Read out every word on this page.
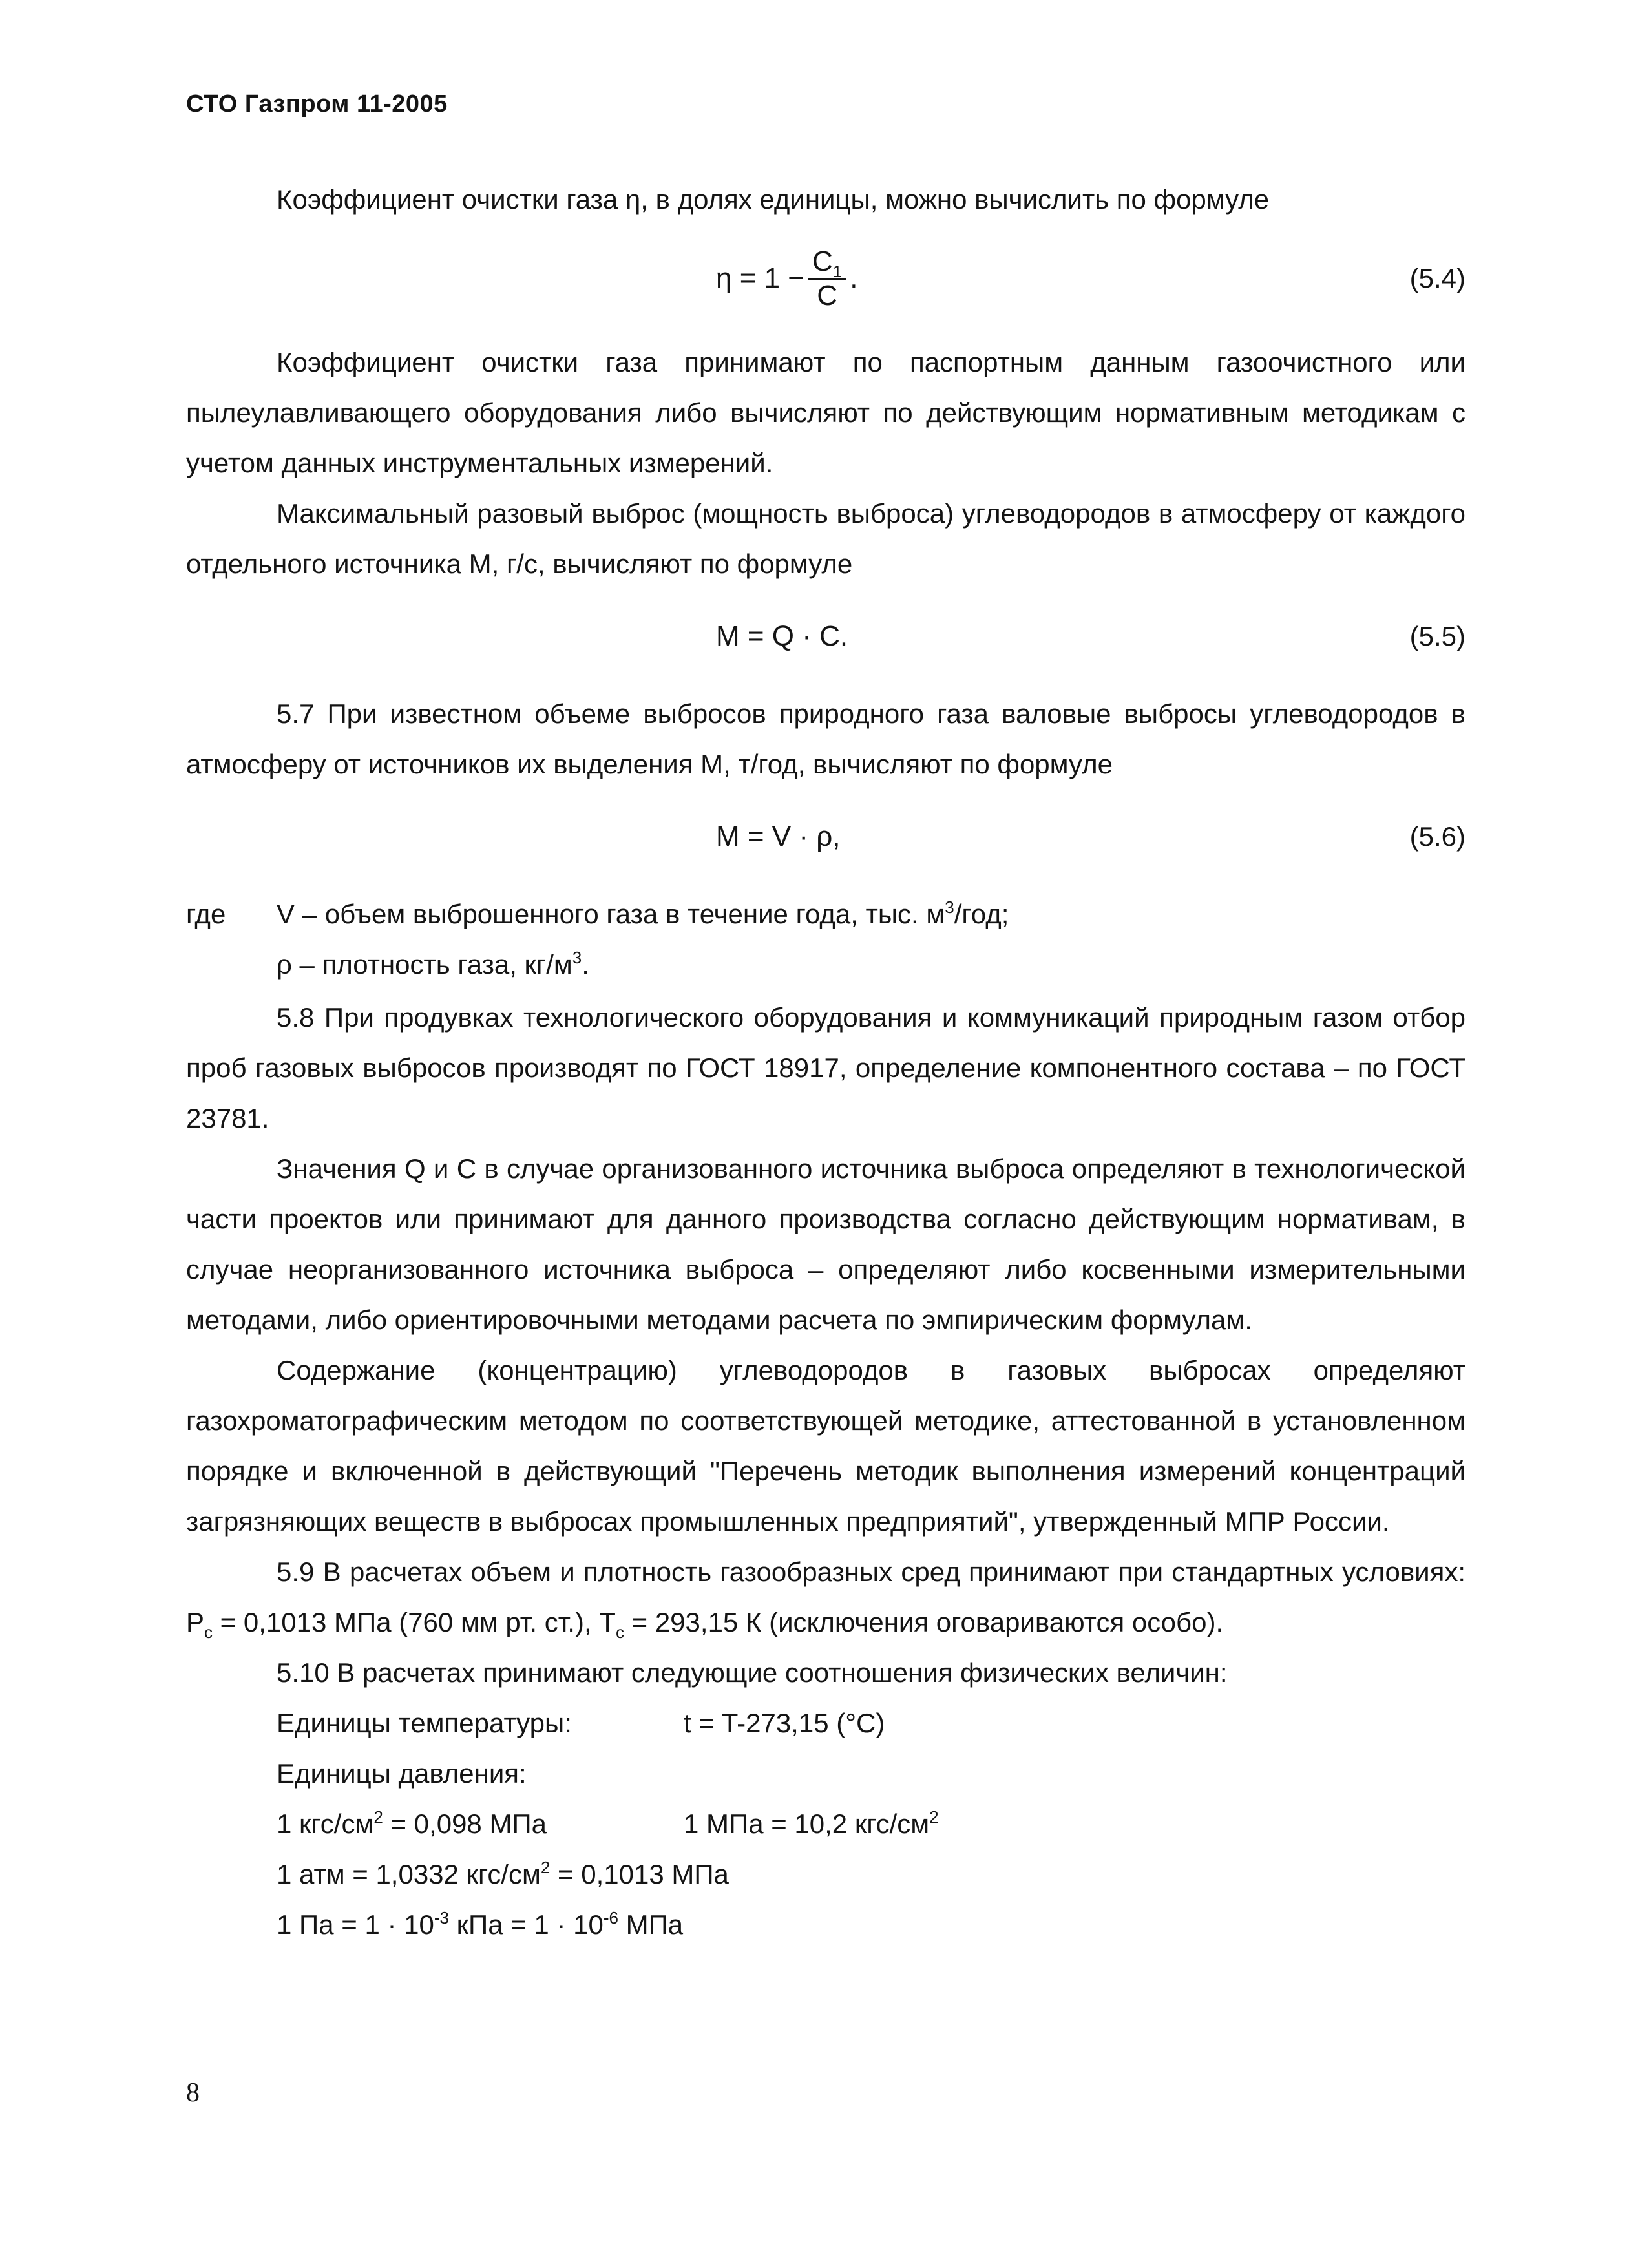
СТО Газпром 11-2005

Коэффициент очистки газа η, в долях единицы, можно вычислить по формуле

$\eta = 1 - \frac{C_1}{C}$ .	(5.4)

Коэффициент очистки газа принимают по паспортным данным газоочистного или пылеулавливающего оборудования либо вычисляют по действующим нормативным методикам с учетом данных инструментальных измерений.

Максимальный разовый выброс (мощность выброса) углеводородов в атмосферу от каждого отдельного источника M, г/с, вычисляют по формуле

M = Q · C.	(5.5)

5.7 При известном объеме выбросов природного газа валовые выбросы углеводородов в атмосферу от источников их выделения M, т/год, вычисляют по формуле

M = V · ρ,	(5.6)
где V – объем выброшенного газа в течение года, тыс. $м^3$/год;
ρ – плотность газа, $кг/м^3$.

5.8 При продувках технологического оборудования и коммуникаций природным газом отбор проб газовых выбросов производят по ГОСТ 18917, определение компонентного состава – по ГОСТ 23781.

Значения Q и C в случае организованного источника выброса определяют в технологической части проектов или принимают для данного производства согласно действующим нормативам, в случае неорганизованного источника выброса – определяют либо косвенными измерительными методами, либо ориентировочными методами расчета по эмпирическим формулам.

Содержание (концентрацию) углеводородов в газовых выбросах определяют газохроматографическим методом по соответствующей методике, аттестованной в установленном порядке и включенной в действующий "Перечень методик выполнения измерений концентраций загрязняющих веществ в выбросах промышленных предприятий", утвержденный МПР России.

5.9 В расчетах объем и плотность газообразных сред принимают при стандартных условиях: $P_c = 0,1013$ МПа (760 мм рт. ст.), $T_c = 293,15$ К (исключения оговариваются особо).

5.10 В расчетах принимают следующие соотношения физических величин:

Единицы температуры:	t = T-273,15 (°C)
Единицы давления:
1 кгс/$см^2 = 0,098$ МПа	1 МПа = 10,2 кгс/$см^2$
1 атм = 1,0332 кгс/$см^2 = 0,1013$ МПа
1 Па = $1 \cdot 10^{-3}$ кПа = $1 \cdot 10^{-6}$ МПа
8
